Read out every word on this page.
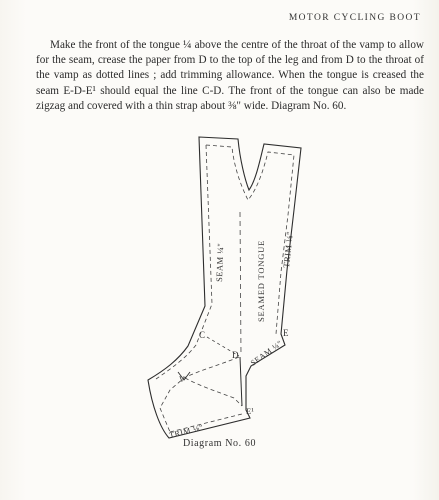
MOTOR CYCLING BOOT

Make the front of the tongue ¼ above the centre of the throat of the vamp to allow for the seam, crease the paper from D to the top of the leg and from D to the throat of the vamp as dotted lines ; add trimming allowance. When the tongue is creased the seam E-D-E¹ should equal the line C-D. The front of the tongue can also be made zigzag and covered with a thin strap about ⅜" wide. Diagram No. 60.

SEAM ¼"	SEAMED TONGUE TRIM ⅛"
SEAM ¼"
TRIM ⅛"
C
D
E
E¹
V
Diagram No. 60
